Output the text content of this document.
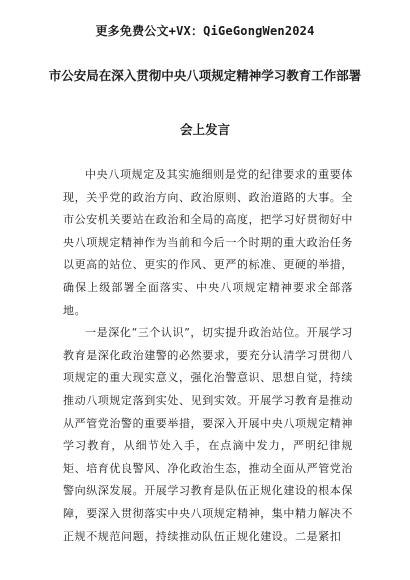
更多免费公文+VX：QiGeGongWen2024
市公安局在深入贯彻中央八项规定精神学习教育工作部署
会上发言

中央八项规定及其实施细则是党的纪律要求的重要体现，关乎党的政治方向、政治原则、政治道路的大事。全市公安机关要站在政治和全局的高度，把学习好贯彻好中央八项规定精神作为当前和今后一个时期的重大政治任务以更高的站位、更实的作风、更严的标准、更硬的举措，确保上级部署全面落实、中央八项规定精神要求全部落地。

一是深化“三个认识”，切实提升政治站位。开展学习教育是深化政治建警的必然要求，要充分认清学习贯彻八项规定的重大现实意义，强化治警意识、思想自觉，持续推动八项规定落到实处、见到实效。开展学习教育是推动从严管党治警的重要举措，要深入开展中央八项规定精神学习教育，从细节处入手，在点滴中发力，严明纪律规矩、培育优良警风、净化政治生态，推动全面从严管党治警向纵深发展。开展学习教育是队伍正规化建设的根本保障，要深入贯彻落实中央八项规定精神，集中精力解决不正规不规范问题，持续推动队伍正规化建设。二是紧扣
